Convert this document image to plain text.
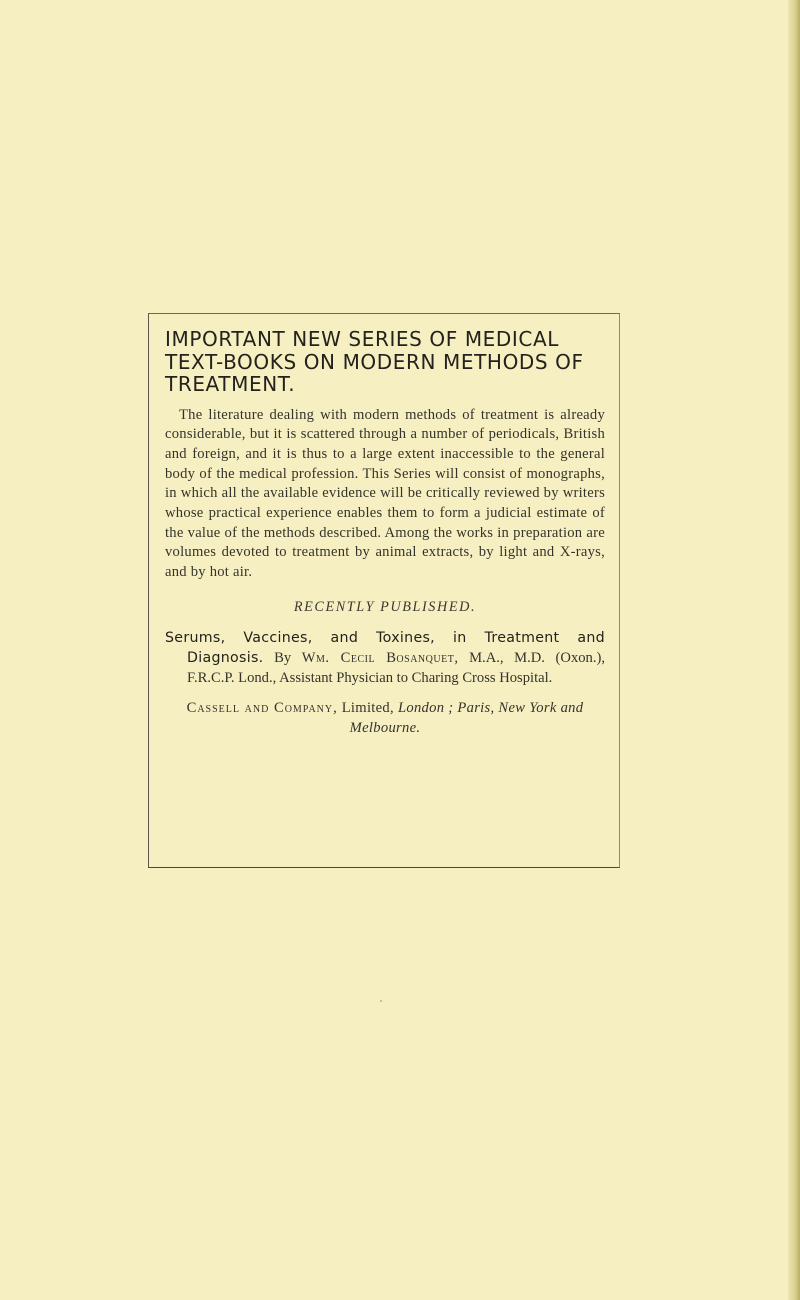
IMPORTANT NEW SERIES OF MEDICAL TEXT-BOOKS ON MODERN METHODS OF TREATMENT.

The literature dealing with modern methods of treatment is already considerable, but it is scattered through a number of periodicals, British and foreign, and it is thus to a large extent inaccessible to the general body of the medical profession. This Series will consist of monographs, in which all the available evidence will be critically reviewed by writers whose practical experience enables them to form a judicial estimate of the value of the methods described. Among the works in preparation are volumes devoted to treatment by animal extracts, by light and X-rays, and by hot air.

RECENTLY PUBLISHED.

Serums, Vaccines, and Toxines, in Treatment and Diagnosis. By Wm. Cecil Bosanquet, M.A., M.D. (Oxon.), F.R.C.P. Lond., Assistant Physician to Charing Cross Hospital.

Cassell and Company, Limited, London ; Paris, New York and Melbourne.
